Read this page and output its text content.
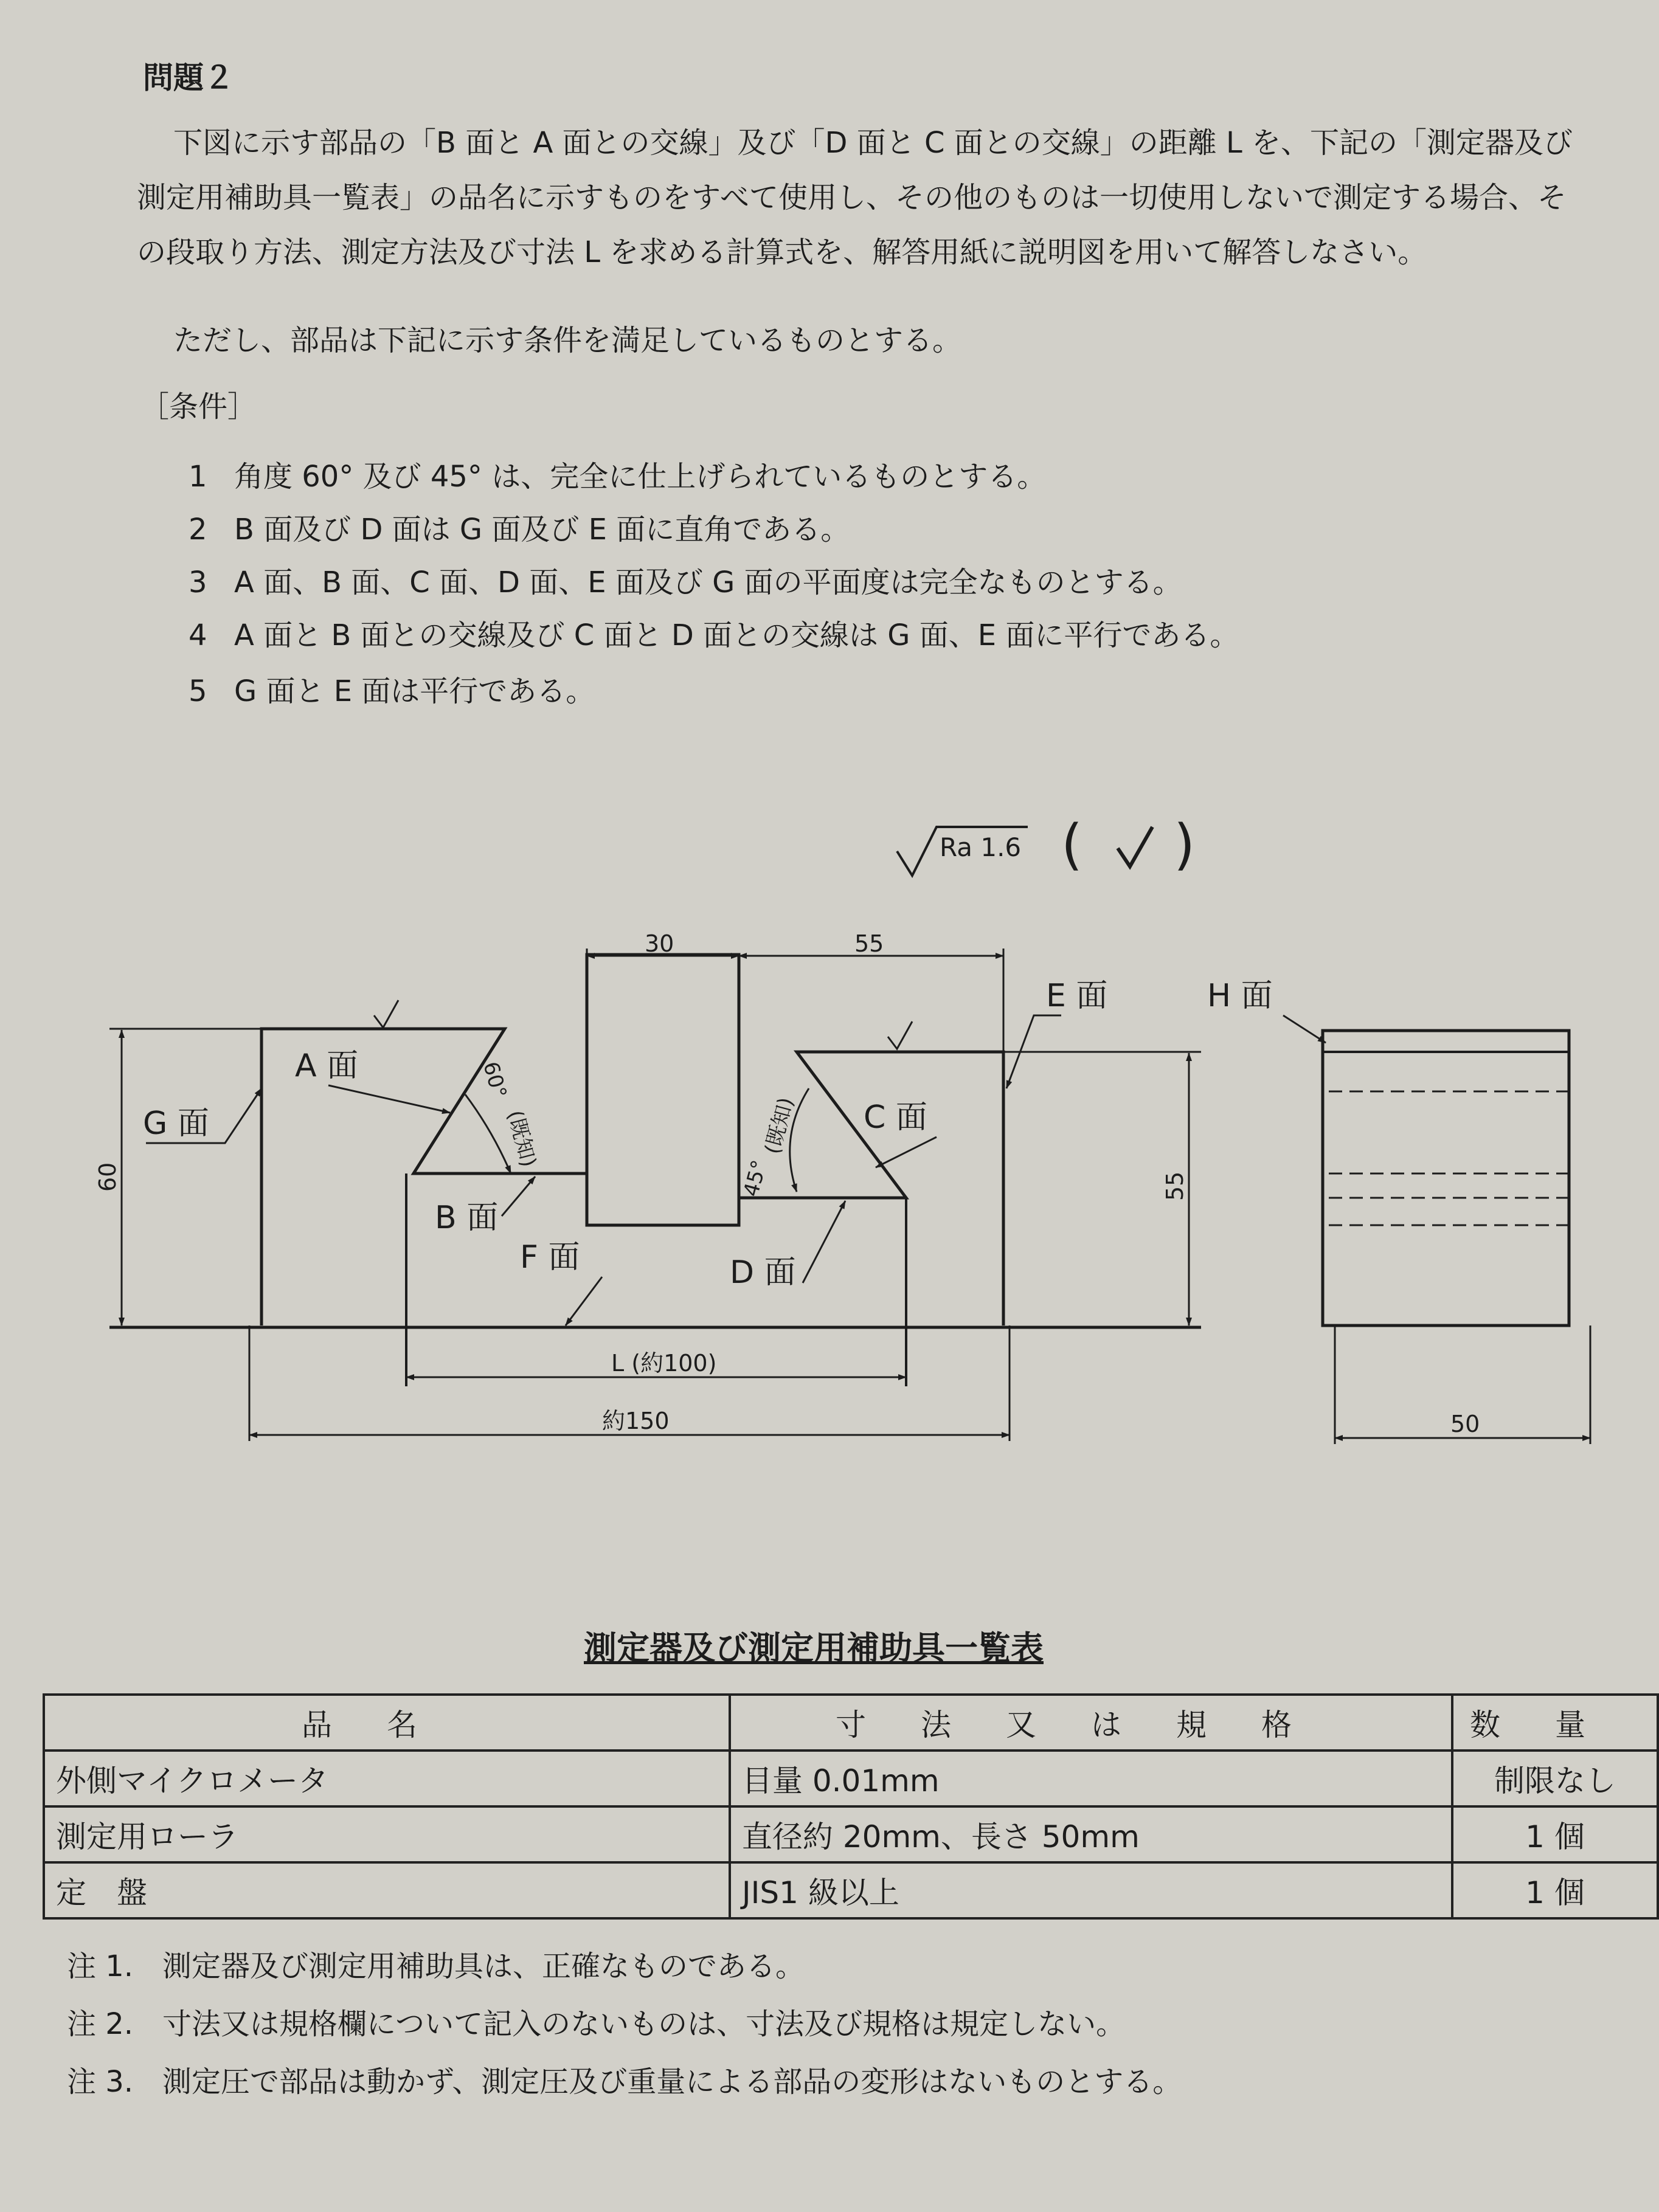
問題２
下図に示す部品の「B 面と A 面との交線」及び「D 面と C 面との交線」の距離 L を、下記の「測定器及び測定用補助具一覧表」の品名に示すものをすべて使用し、その他のものは一切使用しないで測定する場合、その段取り方法、測定方法及び寸法 L を求める計算式を、解答用紙に説明図を用いて解答しなさい。
ただし、部品は下記に示す条件を満足しているものとする。
［条件］
1 角度 60° 及び 45° は、完全に仕上げられているものとする。
2 B 面及び D 面は G 面及び E 面に直角である。
3 A 面、B 面、C 面、D 面、E 面及び G 面の平面度は完全なものとする。
4 A 面と B 面との交線及び C 面と D 面との交線は G 面、E 面に平行である。
5 G 面と E 面は平行である。
Ra 1.6 ( )
30	55
60	55
L (約100)
約150
A 面
G 面
B 面
F 面	D 面
C 面
E 面	H 面
60°
(既知)
45°
(既知)
50
測定器及び測定用補助具一覧表
品名	寸法又は規格	数量
外側マイクロメータ	目量 0.01mm	制限なし
測定用ローラ	直径約 20mm、長さ 50mm	1 個
定　盤	JIS1 級以上	1 個
注 1.　測定器及び測定用補助具は、正確なものである。
注 2.　寸法又は規格欄について記入のないものは、寸法及び規格は規定しない。
注 3.　測定圧で部品は動かず、測定圧及び重量による部品の変形はないものとする。
